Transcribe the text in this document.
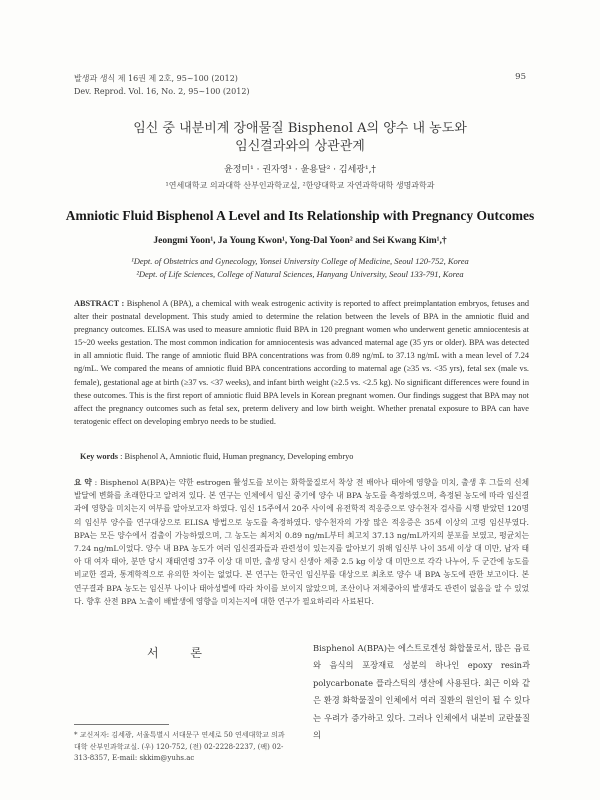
발생과 생식 제 16권 제 2호, 95~100 (2012)
Dev. Reprod. Vol. 16, No. 2, 95~100 (2012)
95
임신 중 내분비계 장애물질 Bisphenol A의 양수 내 농도와
임신결과와의 상관관계
윤정미¹ · 권자영¹ · 윤용달² · 김세광¹,†
¹연세대학교 의과대학 산부인과학교실, ²한양대학교 자연과학대학 생명과학과
Amniotic Fluid Bisphenol A Level and Its Relationship with Pregnancy Outcomes
Jeongmi Yoon¹, Ja Young Kwon¹, Yong-Dal Yoon² and Sei Kwang Kim¹,†
¹Dept. of Obstetrics and Gynecology, Yonsei University College of Medicine, Seoul 120-752, Korea
²Dept. of Life Sciences, College of Natural Sciences, Hanyang University, Seoul 133-791, Korea
ABSTRACT : Bisphenol A (BPA), a chemical with weak estrogenic activity is reported to affect preimplantation embryos, fetuses and alter their postnatal development. This study amied to determine the relation between the levels of BPA in the amniotic fluid and pregnancy outcomes. ELISA was used to measure amniotic fluid BPA in 120 pregnant women who underwent genetic amniocentesis at 15~20 weeks gestation. The most common indication for amniocentesis was advanced maternal age (35 yrs or older). BPA was detected in all amniotic fluid. The range of amniotic fluid BPA concentrations was from 0.89 ng/mL to 37.13 ng/mL with a mean level of 7.24 ng/mL. We compared the means of amniotic fluid BPA concentrations according to maternal age (≥35 vs. <35 yrs), fetal sex (male vs. female), gestational age at birth (≥37 vs. <37 weeks), and infant birth weight (≥2.5 vs. <2.5 kg). No significant differences were found in these outcomes. This is the first report of amniotic fluid BPA levels in Korean pregnant women. Our findings suggest that BPA may not affect the pregnancy outcomes such as fetal sex, preterm delivery and low birth weight. Whether prenatal exposure to BPA can have teratogenic effect on developing embryo needs to be studied.
Key words : Bisphenol A, Amniotic fluid, Human pregnancy, Developing embryo
요 약 : Bisphenol A(BPA)는 약한 estrogen 활성도를 보이는 화학물질로서 착상 전 배아나 태아에 영향을 미치, 출생 후 그들의 신체발달에 변화를 초래한다고 알려져 있다. 본 연구는 인체에서 임신 중기에 양수 내 BPA 농도를 측정하였으며, 측정된 농도에 따라 임신결과에 영향을 미치는지 여부를 알아보고자 하였다. 임신 15주에서 20주 사이에 유전학적 적응증으로 양수천자 검사를 시행 받았던 120명의 임신부 양수를 연구대상으로 ELISA 방법으로 농도를 측정하였다. 양수천자의 가장 많은 적응증은 35세 이상의 고령 임신부였다. BPA는 모든 양수에서 검출이 가능하였으며, 그 농도는 최저치 0.89 ng/mL부터 최고치 37.13 ng/mL까지의 분포를 보였고, 평균치는 7.24 ng/mL이었다. 양수 내 BPA 농도가 여러 임신결과들과 관련성이 있는지를 알아보기 위해 임신부 나이 35세 이상 대 미만, 남자 태아 대 여자 태아, 분만 당시 재태연령 37주 이상 대 미만, 출생 당시 신생아 체중 2.5 kg 이상 대 미만으로 각각 나누어, 두 군간에 농도를 비교한 결과, 통계학적으로 유의한 차이는 없었다. 본 연구는 한국인 임신부를 대상으로 최초로 양수 내 BPA 농도에 관한 보고이다. 본 연구결과 BPA 농도는 임신부 나이나 태아성별에 따라 차이를 보이지 않았으며, 조산이나 저체중아의 발생과도 관련이 없음을 알 수 있었다. 향후 산전 BPA 노출이 배발생에 영향을 미치는지에 대한 연구가 필요하리라 사료된다.
서 론
* 교신저자: 김세광, 서울특별시 서대문구 연세로 50 연세대학교 의과대학 산부인과학교실. (우) 120-752, (전) 02-2228-2237, (팩) 02-313-8357, E-mail: skkim@yuhs.ac
Bisphenol A(BPA)는 에스트로겐성 화합물로서, 많은 음료와 음식의 포장재료 성분의 하나인 epoxy resin과 polycarbonate 플라스틱의 생산에 사용된다. 최근 이와 같은 환경 화학물질이 인체에서 여러 질환의 원인이 될 수 있다는 우려가 증가하고 있다. 그러나 인체에서 내분비 교란물질의
